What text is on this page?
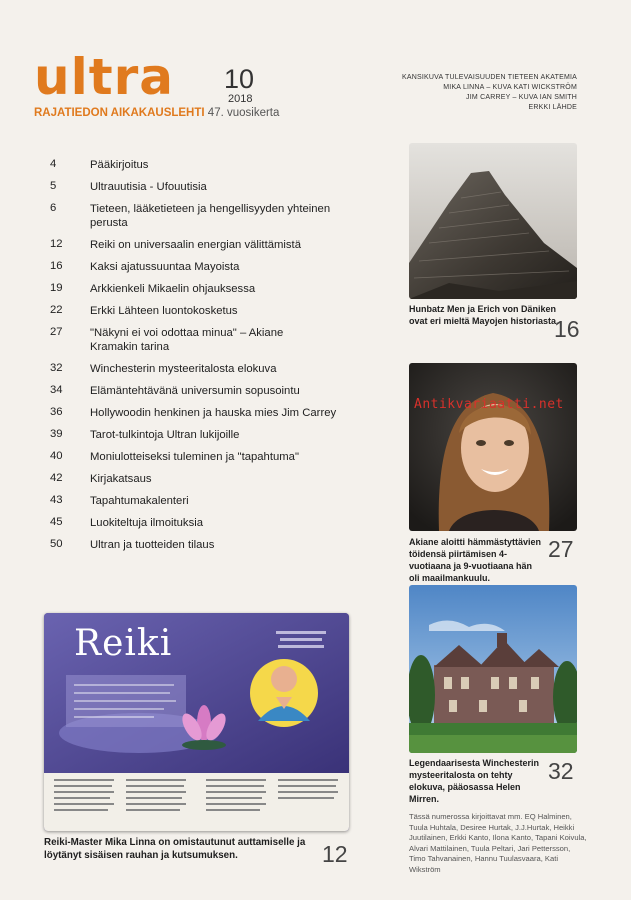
ultra 10
2018
RAJATIEDON AIKAKAUSLEHTI 47. vuosikerta
KANSIKUVA TULEVAISUUDEN TIETEEN AKATEMIA
MIKA LINNA – KUVA KATI WICKSTRÖM
JIM CARREY – KUVA IAN SMITH
ERKKI LÄHDE
4	Pääkirjoitus
5	Ultrauutisia - Ufouutisia
6	Tieteen, lääketieteen ja hengellisyyden yhteinen perusta
12	Reiki on universaalin energian välittämistä
16	Kaksi ajatussuuntaa Mayoista
19	Arkkienkeli Mikaelin ohjauksessa
22	Erkki Lähteen luontokosketus
27	"Näkyni ei voi odottaa minua" – Akiane Kramakin tarina
32	Winchesterin mysteeritalosta elokuva
34	Elämäntehtävänä universumin sopusointu
36	Hollywoodin henkinen ja hauska mies Jim Carrey
39	Tarot-tulkintoja Ultran lukijoille
40	Moniulotteiseksi tuleminen ja "tapahtuma"
42	Kirjakatsaus
43	Tapahtumakalenteri
45	Luokiteltuja ilmoituksia
50	Ultran ja tuotteiden tilaus
Hunbatz Men ja Erich von Däniken ovat eri mieltä Mayojen historiasta.
16
Antikvariaatti.net
Akiane aloitti hämmästyttävien töidensä piirtämisen 4-vuotiaana ja 9-vuotiaana hän oli maailmankuulu.
27
Legendaarisesta Winchesterin mysteeritalosta on tehty elokuva, pääosassa Helen Mirren.
32
Tässä numerossa kirjoittavat mm. EQ Halminen, Tuula Huhtala, Desiree Hurtak, J.J.Hurtak, Heikki Juutilainen, Erkki Kanto, Ilona Kanto, Tapani Koivula, Alvari Mattilainen, Tuula Peltari, Jari Pettersson, Timo Tahvanainen, Hannu Tuulasvaara, Kati Wikström
Reiki
Reiki-Master Mika Linna on omistautunut auttamiselle ja löytänyt sisäisen rauhan ja kutsumuksen.	12
